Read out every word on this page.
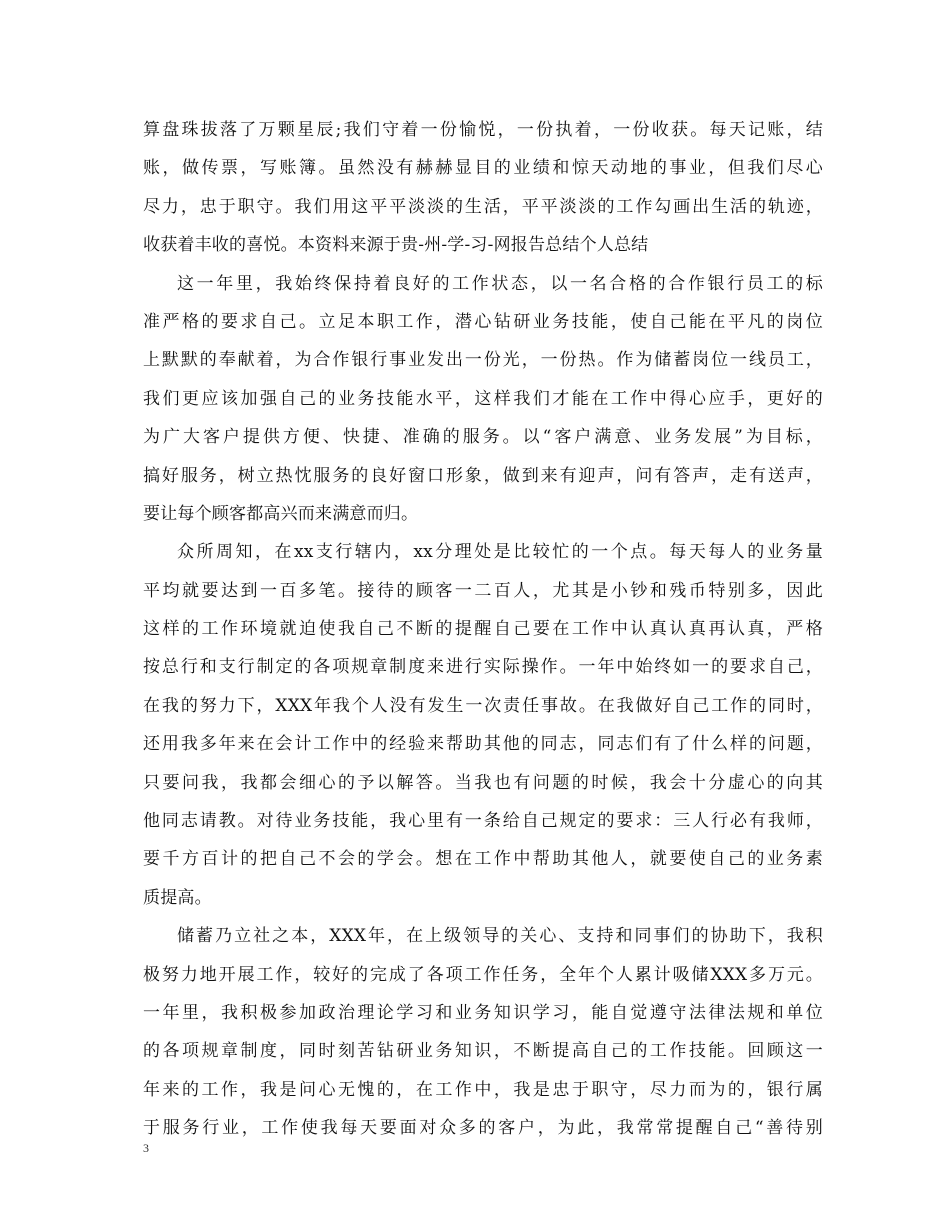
算盘珠拔落了万颗星辰;我们守着一份愉悦，一份执着，一份收获。每天记账，结
账，做传票，写账簿。虽然没有赫赫显目的业绩和惊天动地的事业，但我们尽心
尽力，忠于职守。我们用这平平淡淡的生活，平平淡淡的工作勾画出生活的轨迹，
收获着丰收的喜悦。本资料来源于贵-州-学-习-网报告总结个人总结
这一年里，我始终保持着良好的工作状态，以一名合格的合作银行员工的标
准严格的要求自己。立足本职工作，潜心钻研业务技能，使自己能在平凡的岗位
上默默的奉献着，为合作银行事业发出一份光，一份热。作为储蓄岗位一线员工，
我们更应该加强自己的业务技能水平，这样我们才能在工作中得心应手，更好的
为广大客户提供方便、快捷、准确的服务。以“客户满意、业务发展”为目标，
搞好服务，树立热忱服务的良好窗口形象，做到来有迎声，问有答声，走有送声，
要让每个顾客都高兴而来满意而归。
众所周知，在xx支行辖内，xx分理处是比较忙的一个点。每天每人的业务量
平均就要达到一百多笔。接待的顾客一二百人，尤其是小钞和残币特别多，因此
这样的工作环境就迫使我自己不断的提醒自己要在工作中认真认真再认真，严格
按总行和支行制定的各项规章制度来进行实际操作。一年中始终如一的要求自己，
在我的努力下，XXX年我个人没有发生一次责任事故。在我做好自己工作的同时，
还用我多年来在会计工作中的经验来帮助其他的同志，同志们有了什么样的问题，
只要问我，我都会细心的予以解答。当我也有问题的时候，我会十分虚心的向其
他同志请教。对待业务技能，我心里有一条给自己规定的要求：三人行必有我师，
要千方百计的把自己不会的学会。想在工作中帮助其他人，就要使自己的业务素
质提高。
储蓄乃立社之本，XXX年，在上级领导的关心、支持和同事们的协助下，我积
极努力地开展工作，较好的完成了各项工作任务，全年个人累计吸储XXX多万元。
一年里，我积极参加政治理论学习和业务知识学习，能自觉遵守法律法规和单位
的各项规章制度，同时刻苦钻研业务知识，不断提高自己的工作技能。回顾这一
年来的工作，我是问心无愧的，在工作中，我是忠于职守，尽力而为的，银行属
于服务行业，工作使我每天要面对众多的客户，为此，我常常提醒自己“善待别
3
